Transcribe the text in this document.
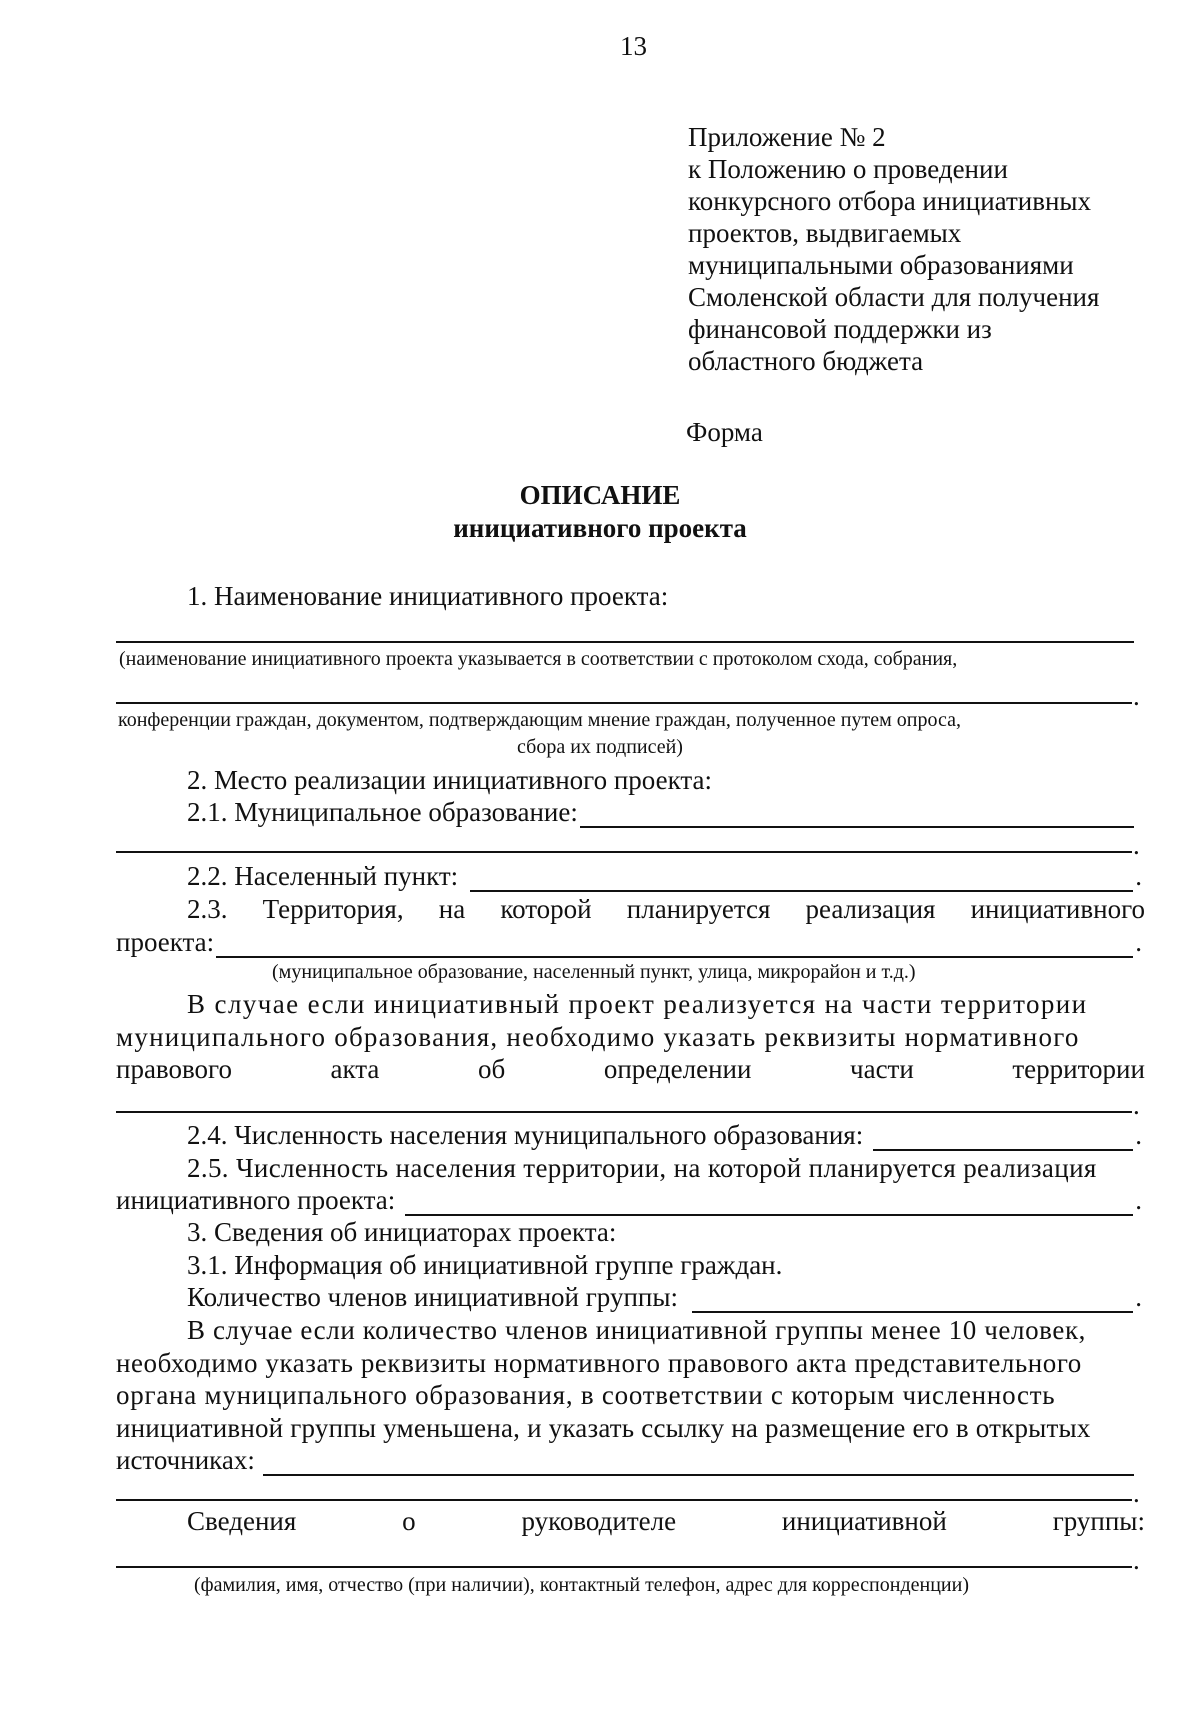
13
Приложение № 2
к Положению о проведении
конкурсного отбора инициативных
проектов, выдвигаемых
муниципальными образованиями
Смоленской области для получения
финансовой поддержки из
областного бюджета
Форма
ОПИСАНИЕ
инициативного проекта
1. Наименование инициативного проекта:
(наименование инициативного проекта указывается в соответствии с протоколом схода, собрания,
.
конференции граждан, документом, подтверждающим мнение граждан, полученное путем опроса,
сбора их подписей)
2. Место реализации инициативного проекта:
2.1. Муниципальное образование:
.
2.2. Населенный пункт:	.
2.3. Территория, на которой планируется реализация инициативного
проекта:	.
(муниципальное образование, населенный пункт, улица, микрорайон и т.д.)
В случае если инициативный проект реализуется на части территории
муниципального образования, необходимо указать реквизиты нормативного
правового	акта	об	определении	части	территории
.
2.4. Численность населения муниципального образования:	.
2.5. Численность населения территории, на которой планируется реализация
инициативного проекта:	.
3. Сведения об инициаторах проекта:
3.1. Информация об инициативной группе граждан.
Количество членов инициативной группы:	.
В случае если количество членов инициативной группы менее 10 человек,
необходимо указать реквизиты нормативного правового акта представительного
органа муниципального образования, в соответствии с которым численность
инициативной группы уменьшена, и указать ссылку на размещение его в открытых
источниках:
.
Сведения	о	руководителе	инициативной	группы:
.
(фамилия, имя, отчество (при наличии), контактный телефон, адрес для корреспонденции)
